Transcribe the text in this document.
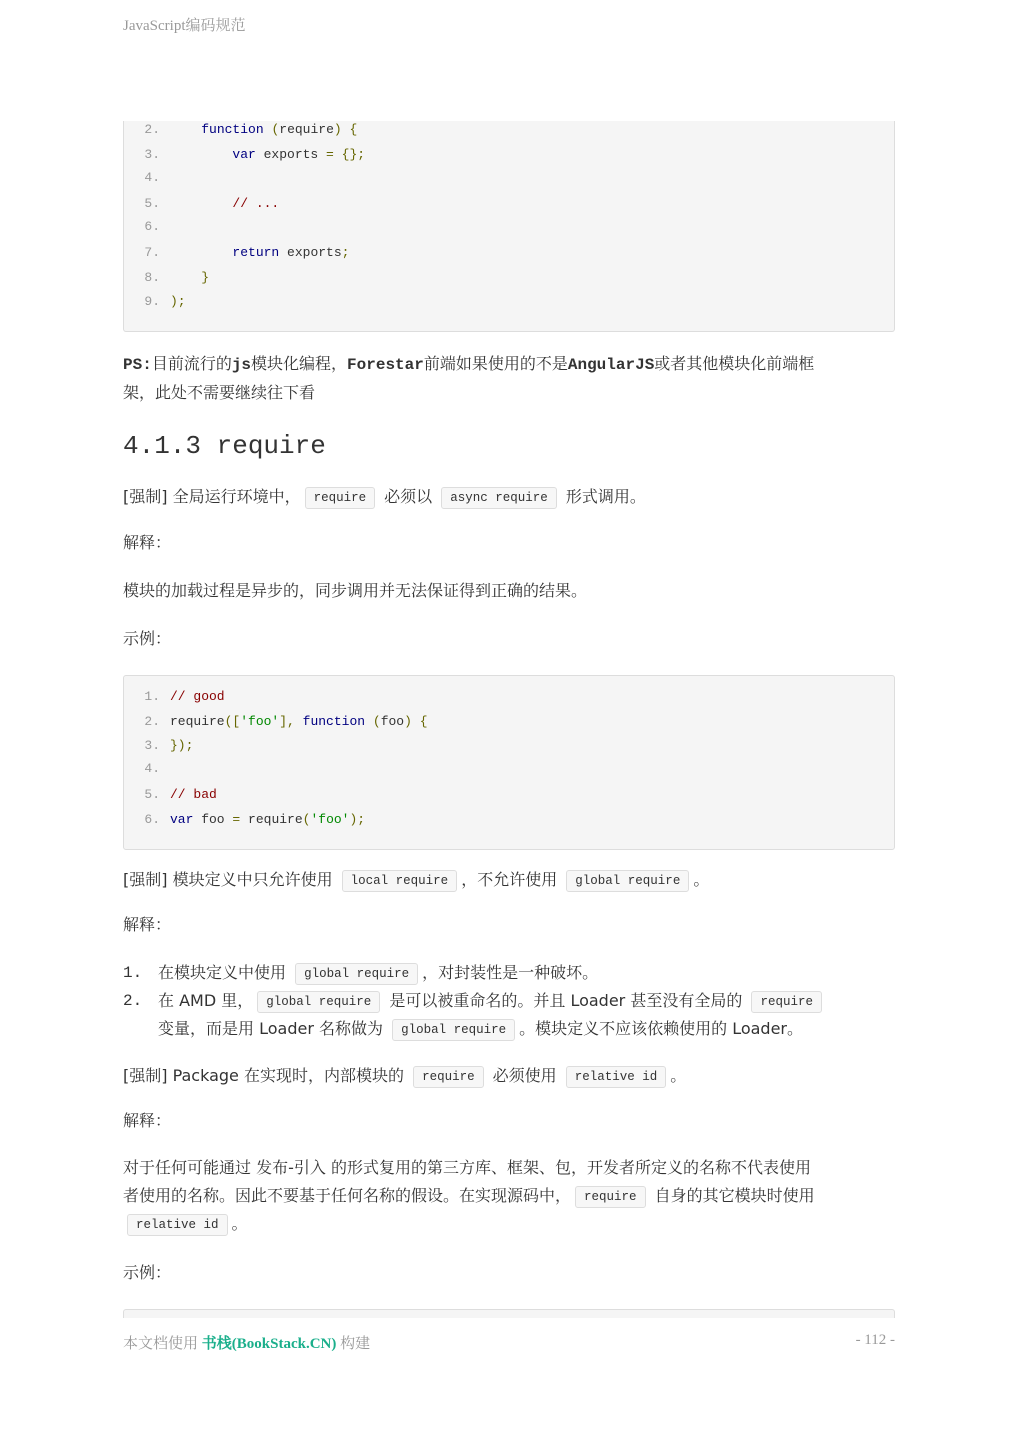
JavaScript编码规范
2.	function (require) {
3.	var exports = {};
4.
5.	// ...
6.
7.	return exports;
8.	}
9. );
PS:目前流行的js模块化编程，Forestar前端如果使用的不是AngularJS或者其他模块化前端框
架，此处不需要继续往下看
4.1.3 require
[强制] 全局运行环境中， require 必须以 async require 形式调用。
解释：
模块的加载过程是异步的，同步调用并无法保证得到正确的结果。
示例：
1. // good
2. require(['foo'], function (foo) {
3. });
4.
5. // bad
6. var foo = require('foo');
[强制] 模块定义中只允许使用 local require ，不允许使用 global require 。
解释：
1. 在模块定义中使用 global require ，对封装性是一种破坏。
2. 在 AMD 里， global require 是可以被重命名的。并且 Loader 甚至没有全局的 require
变量，而是用 Loader 名称做为 global require 。模块定义不应该依赖使用的 Loader。
[强制] Package 在实现时，内部模块的 require 必须使用 relative id 。
解释：
对于任何可能通过 发布-引入 的形式复用的第三方库、框架、包，开发者所定义的名称不代表使用
者使用的名称。因此不要基于任何名称的假设。在实现源码中， require 自身的其它模块时使用
relative id 。
示例：
本文档使用 书栈(BookStack.CN) 构建	- 112 -
